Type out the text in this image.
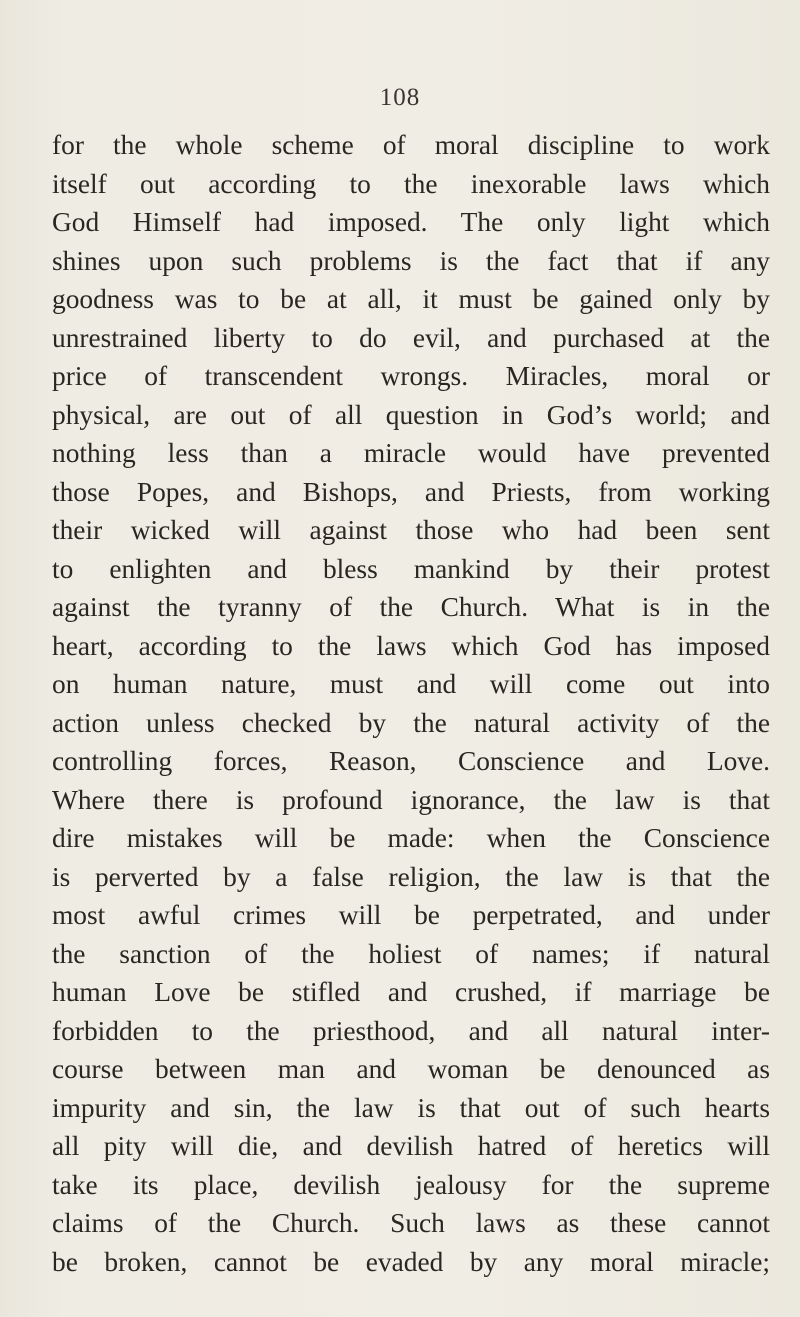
108
for the whole scheme of moral discipline to work
itself out according to the inexorable laws which
God Himself had imposed. The only light which
shines upon such problems is the fact that if any
goodness was to be at all, it must be gained only by
unrestrained liberty to do evil, and purchased at the
price of transcendent wrongs. Miracles, moral or
physical, are out of all question in God’s world; and
nothing less than a miracle would have prevented
those Popes, and Bishops, and Priests, from working
their wicked will against those who had been sent
to enlighten and bless mankind by their protest
against the tyranny of the Church. What is in the
heart, according to the laws which God has imposed
on human nature, must and will come out into
action unless checked by the natural activity of the
controlling forces, Reason, Conscience and Love.
Where there is profound ignorance, the law is that
dire mistakes will be made: when the Conscience
is perverted by a false religion, the law is that the
most awful crimes will be perpetrated, and under
the sanction of the holiest of names; if natural
human Love be stifled and crushed, if marriage be
forbidden to the priesthood, and all natural inter-
course between man and woman be denounced as
impurity and sin, the law is that out of such hearts
all pity will die, and devilish hatred of heretics will
take its place, devilish jealousy for the supreme
claims of the Church. Such laws as these cannot
be broken, cannot be evaded by any moral miracle;
